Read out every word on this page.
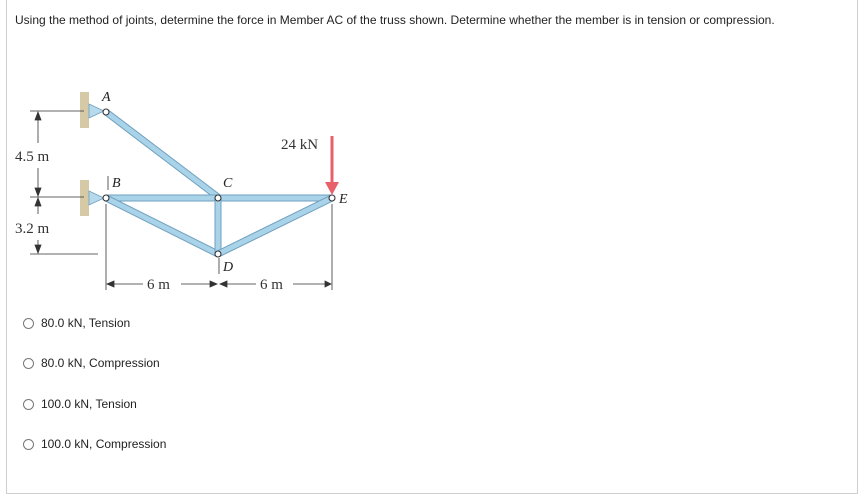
Using the method of joints, determine the force in Member AC of the truss shown. Determine whether the member is in tension or compression.
24 kN
A
B	C
D
E
4.5 m
3.2 m
6 m	6 m
80.0 kN, Tension
80.0 kN, Compression
100.0 kN, Tension
100.0 kN, Compression
